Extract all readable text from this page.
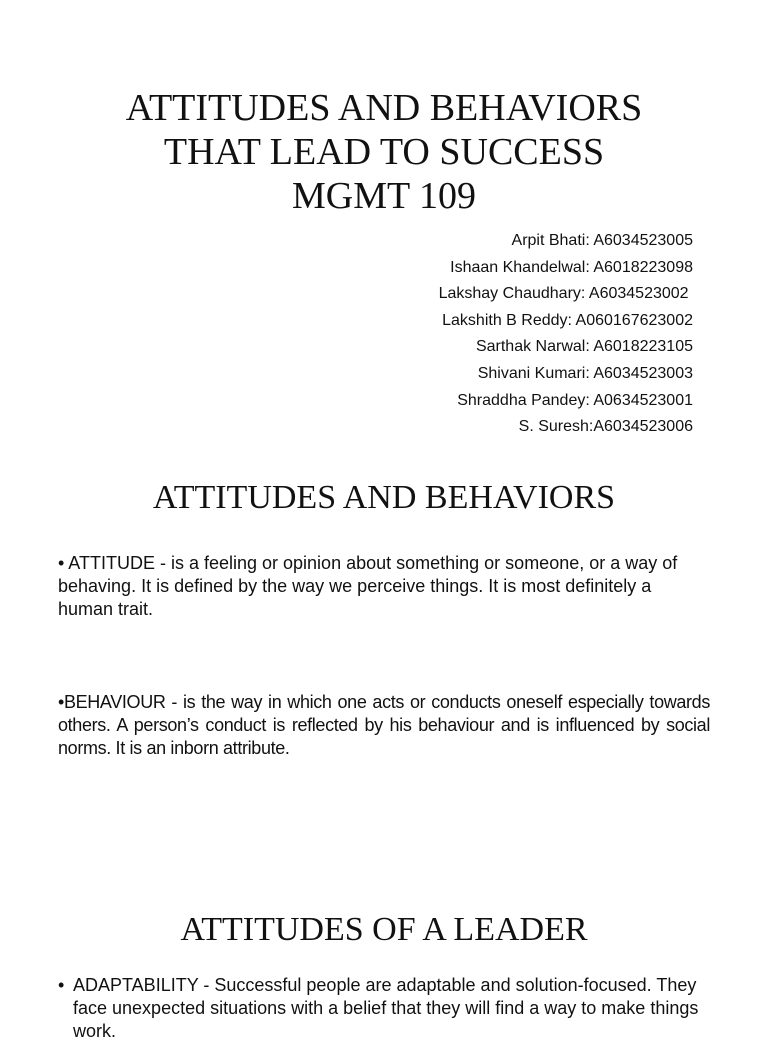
ATTITUDES AND BEHAVIORS
THAT LEAD TO SUCCESS
MGMT 109
Arpit Bhati: A6034523005
Ishaan Khandelwal: A6018223098
Lakshay Chaudhary: A6034523002
Lakshith B Reddy: A060167623002
Sarthak Narwal: A6018223105
Shivani Kumari: A6034523003
Shraddha Pandey: A0634523001
S. Suresh:A6034523006
ATTITUDES AND BEHAVIORS

• ATTITUDE - is a feeling or opinion about something or someone, or a way of behaving. It is defined by the way we perceive things. It is most definitely a human trait.

•BEHAVIOUR - is the way in which one acts or conducts oneself especially towards others. A person’s conduct is reflected by his behaviour and is influenced by social norms. It is an inborn attribute.

ATTITUDES OF A LEADER
• ADAPTABILITY - Successful people are adaptable and solution-focused. They face unexpected situations with a belief that they will find a way to make things work.
